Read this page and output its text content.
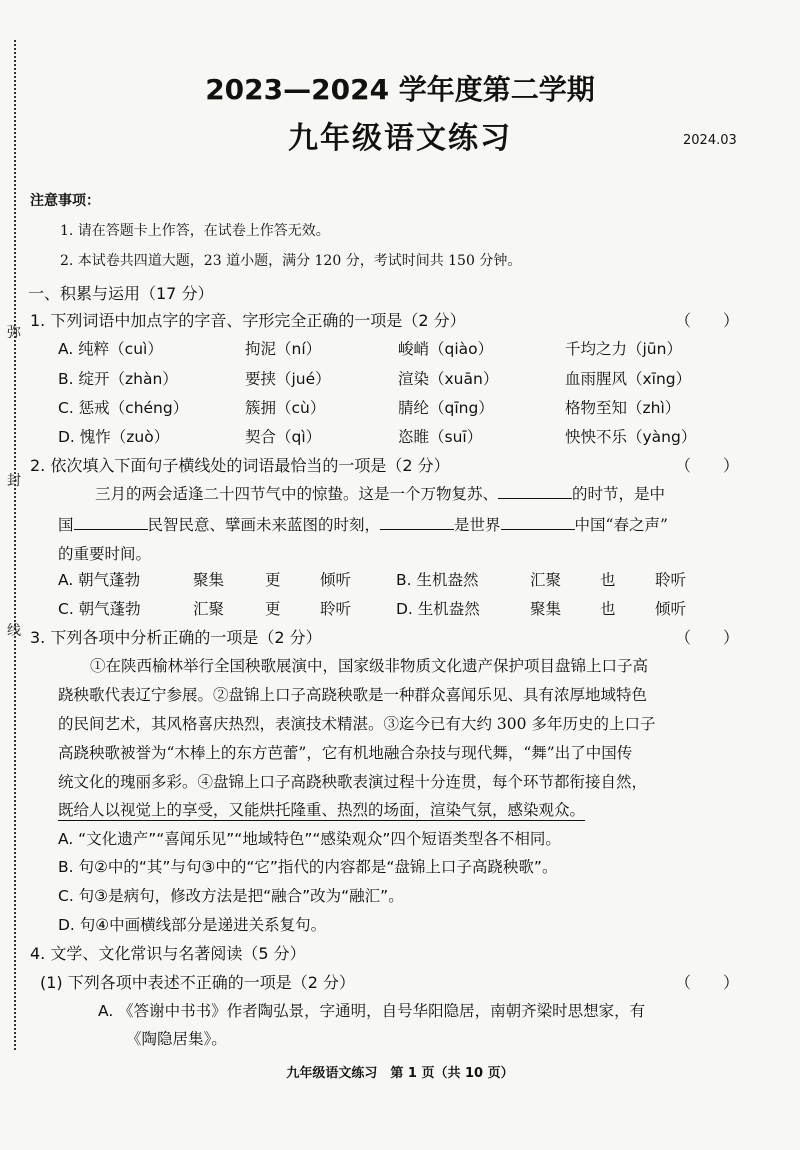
弥
封
线
2023—2024 学年度第二学期
九年级语文练习	2024.03
注意事项：
1. 请在答题卡上作答，在试卷上作答无效。
2. 本试卷共四道大题，23 道小题，满分 120 分，考试时间共 150 分钟。
一、积累与运用（17 分）
1. 下列词语中加点字的字音、字形完全正确的一项是（2 分）	（　　）
A. 纯粹（cuì）	拘泥（ní）	峻峭（qiào）	千均之力（jūn）
B. 绽开（zhàn）	要挟（jué）	渲染（xuān）	血雨腥风（xīng）
C. 惩戒（chéng）	簇拥（cù）	腈纶（qīng）	格物至知（zhì）
D. 愧怍（zuò）	契合（qì）	恣睢（suī）	怏怏不乐（yàng）
2. 依次填入下面句子横线处的词语最恰当的一项是（2 分）	（　　）
三月的两会适逢二十四节气中的惊蛰。这是一个万物复苏、	的时节，是中
国	民智民意、擘画未来蓝图的时刻，	是世界	中国“春之声”
的重要时间。
A. 朝气蓬勃	聚集	更	倾听	B. 生机盎然	汇聚	也	聆听
C. 朝气蓬勃	汇聚	更	聆听	D. 生机盎然	聚集	也	倾听
3. 下列各项中分析正确的一项是（2 分）	（　　）
①在陕西榆林举行全国秧歌展演中，国家级非物质文化遗产保护项目盘锦上口子高
跷秧歌代表辽宁参展。②盘锦上口子高跷秧歌是一种群众喜闻乐见、具有浓厚地域特色
的民间艺术，其风格喜庆热烈，表演技术精湛。③迄今已有大约 300 多年历史的上口子
高跷秧歌被誉为“木棒上的东方芭蕾”，它有机地融合杂技与现代舞，“舞”出了中国传
统文化的瑰丽多彩。④盘锦上口子高跷秧歌表演过程十分连贯，每个环节都衔接自然，
既给人以视觉上的享受，又能烘托隆重、热烈的场面，渲染气氛，感染观众。
A. “文化遗产”“喜闻乐见”“地域特色”“感染观众”四个短语类型各不相同。
B. 句②中的“其”与句③中的“它”指代的内容都是“盘锦上口子高跷秧歌”。
C. 句③是病句，修改方法是把“融合”改为“融汇”。
D. 句④中画横线部分是递进关系复句。
4. 文学、文化常识与名著阅读（5 分）
(1) 下列各项中表述不正确的一项是（2 分）	（　　）
A. 《答谢中书书》作者陶弘景，字通明，自号华阳隐居，南朝齐梁时思想家，有
《陶隐居集》。
九年级语文练习　第 1 页（共 10 页）
